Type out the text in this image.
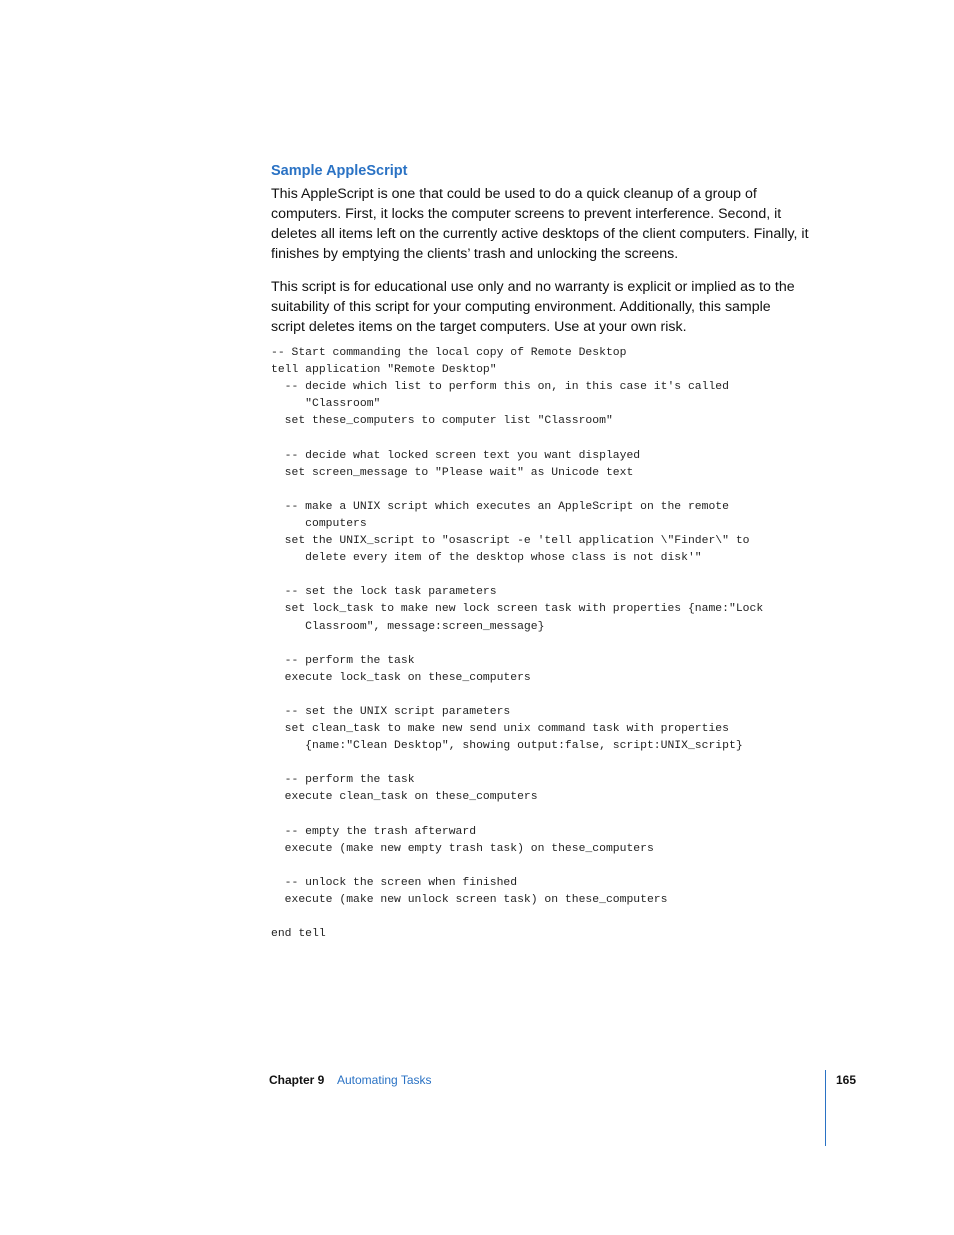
Sample AppleScript
This AppleScript is one that could be used to do a quick cleanup of a group of
computers. First, it locks the computer screens to prevent interference. Second, it
deletes all items left on the currently active desktops of the client computers. Finally, it
finishes by emptying the clients’ trash and unlocking the screens.
This script is for educational use only and no warranty is explicit or implied as to the
suitability of this script for your computing environment. Additionally, this sample
script deletes items on the target computers. Use at your own risk.
-- Start commanding the local copy of Remote Desktop
tell application "Remote Desktop"
-- decide which list to perform this on, in this case it's called
"Classroom"
set these_computers to computer list "Classroom"
-- decide what locked screen text you want displayed
set screen_message to "Please wait" as Unicode text
-- make a UNIX script which executes an AppleScript on the remote
computers
set the UNIX_script to "osascript -e 'tell application \"Finder\" to
delete every item of the desktop whose class is not disk'"
-- set the lock task parameters
set lock_task to make new lock screen task with properties {name:"Lock
Classroom", message:screen_message}
-- perform the task
execute lock_task on these_computers
-- set the UNIX script parameters
set clean_task to make new send unix command task with properties
{name:"Clean Desktop", showing output:false, script:UNIX_script}
-- perform the task
execute clean_task on these_computers
-- empty the trash afterward
execute (make new empty trash task) on these_computers
-- unlock the screen when finished
execute (make new unlock screen task) on these_computers
end tell
Chapter 9 Automating Tasks	165
